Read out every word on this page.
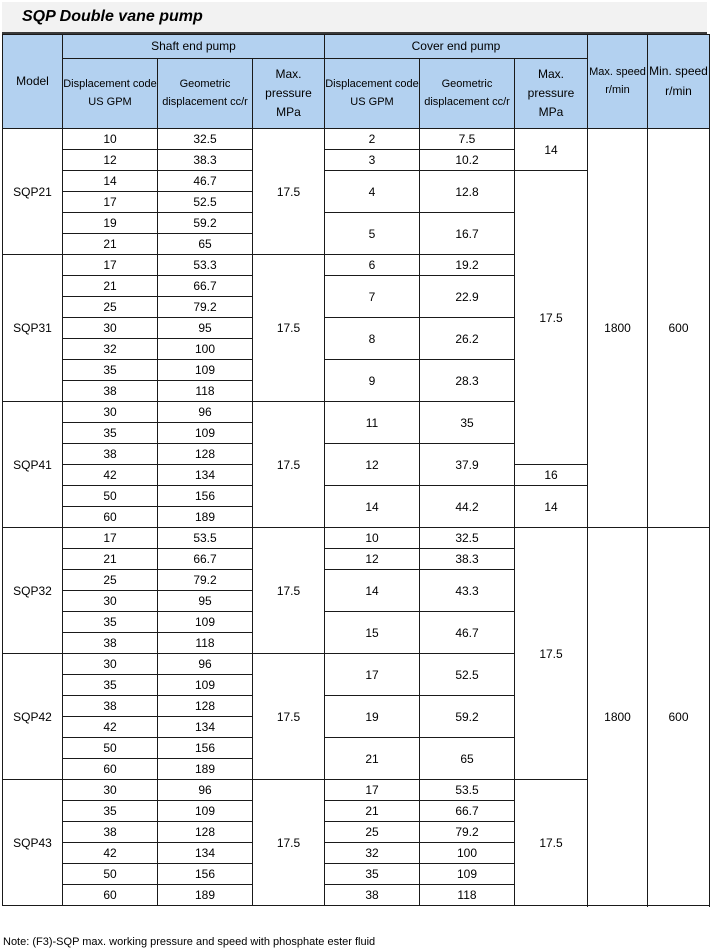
SQP Double vane pump
Model	Shaft end pump			Cover end pump			Max. speed r/min	Min. speed r/min
	Displacement code US GPM	Geometric displacement cc/r	Max. pressure MPa	Displacement code US GPM	Geometric displacement cc/r	Max. pressure MPa		
SQP21	10	32.5	17.5	2	7.5	14	1800	600
	12	38.3		3	10.2			
	14	46.7		4	12.8	17.5		
	17	52.5						
	19	59.2		5	16.7			
	21	65						
SQP31	17	53.3	17.5	6	19.2			
	21	66.7		7	22.9			
	25	79.2						
	30	95		8	26.2			
	32	100						
	35	109		9	28.3			
	38	118						
SQP41	30	96	17.5	11	35			
	35	109						
	38	128		12	37.9			
	42	134				16		
	50	156		14	44.2	14		
	60	189						
SQP32	17	53.5	17.5	10	32.5	17.5	1800	600
	21	66.7		12	38.3			
	25	79.2		14	43.3			
	30	95						
	35	109		15	46.7			
	38	118						
SQP42	30	96	17.5	17	52.5			
	35	109						
	38	128		19	59.2			
	42	134						
	50	156		21	65			
	60	189						
SQP43	30	96	17.5	17	53.5	17.5		
	35	109		21	66.7			
	38	128		25	79.2			
	42	134		32	100			
	50	156		35	109			
	60	189		38	118			

Note: (F3)-SQP max. working pressure and speed with phosphate ester fluid
